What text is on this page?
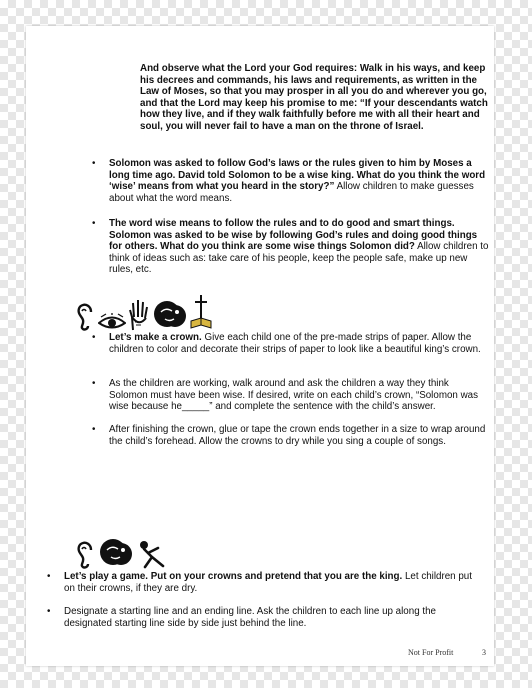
And observe what the Lord your God requires: Walk in his ways, and keep his decrees and commands, his laws and requirements, as written in the Law of Moses, so that you may prosper in all you do and wherever you go, and that the Lord may keep his promise to me: “If your descendants watch how they live, and if they walk faithfully before me with all their heart and soul, you will never fail to have a man on the throne of Israel.
• Solomon was asked to follow God’s laws or the rules given to him by Moses a long time ago. David told Solomon to be a wise king. What do you think the word ‘wise’ means from what you heard in the story?” Allow children to make guesses about what the word means.
• The word wise means to follow the rules and to do good and smart things. Solomon was asked to be wise by following God’s rules and doing good things for others. What do you think are some wise things Solomon did? Allow children to think of ideas such as: take care of his people, keep the people safe, make up new rules, etc.
• Let’s make a crown. Give each child one of the pre-made strips of paper. Allow the children to color and decorate their strips of paper to look like a beautiful king’s crown.
• As the children are working, walk around and ask the children a way they think Solomon must have been wise. If desired, write on each child’s crown, “Solomon was wise because he_____” and complete the sentence with the child’s answer.
• After finishing the crown, glue or tape the crown ends together in a size to wrap around the child’s forehead. Allow the crowns to dry while you sing a couple of songs.
• Let’s play a game. Put on your crowns and pretend that you are the king. Let children put on their crowns, if they are dry.
• Designate a starting line and an ending line. Ask the children to each line up along the designated starting line side by side just behind the line.
Not For Profit	3
